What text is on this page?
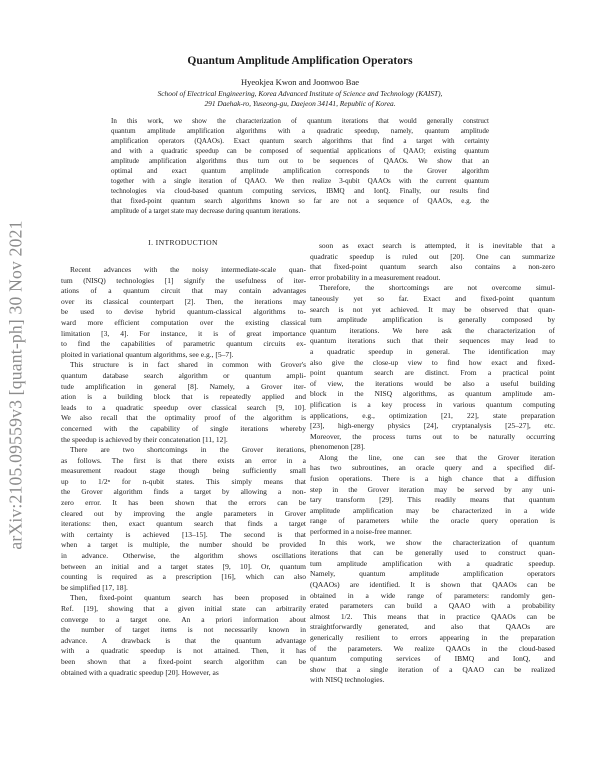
arXiv:2105.09559v3 [quant-ph] 30 Nov 2021
Quantum Amplitude Amplification Operators
Hyeokjea Kwon and Joonwoo Bae
School of Electrical Engineering, Korea Advanced Institute of Science and Technology (KAIST),
291 Daehak-ro, Yuseong-gu, Daejeon 34141, Republic of Korea.
In this work, we show the characterization of quantum iterations that would generally construct
quantum amplitude amplification algorithms with a quadratic speedup, namely, quantum amplitude
amplification operators (QAAOs). Exact quantum search algorithms that find a target with certainty
and with a quadratic speedup can be composed of sequential applications of QAAO; existing quantum
amplitude amplification algorithms thus turn out to be sequences of QAAOs. We show that an
optimal and exact quantum amplitude amplification corresponds to the Grover algorithm
together with a single iteration of QAAO. We then realize 3-qubit QAAOs with the current quantum
technologies via cloud-based quantum computing services, IBMQ and IonQ. Finally, our results find
that fixed-point quantum search algorithms known so far are not a sequence of QAAOs, e.g. the
amplitude of a target state may decrease during quantum iterations.
I. INTRODUCTION
Recent advances with the noisy intermediate-scale quan-
tum (NISQ) technologies [1] signify the usefulness of iter-
ations of a quantum circuit that may contain advantages
over its classical counterpart [2]. Then, the iterations may
be used to devise hybrid quantum-classical algorithms to-
ward more efficient computation over the existing classical
limitation [3, 4]. For instance, it is of great importance
to find the capabilities of parametric quantum circuits ex-
ploited in variational quantum algorithms, see e.g., [5–7].
This structure is in fact shared in common with Grover's
quantum database search algorithm or quantum ampli-
tude amplification in general [8]. Namely, a Grover iter-
ation is a building block that is repeatedly applied and
leads to a quadratic speedup over classical search [9, 10].
We also recall that the optimality proof of the algorithm is
concerned with the capability of single iterations whereby
the speedup is achieved by their concatenation [11, 12].
There are two shortcomings in the Grover iterations,
as follows. The first is that there exists an error in a
measurement readout stage though being sufficiently small
up to 1/2ⁿ for n-qubit states. This simply means that
the Grover algorithm finds a target by allowing a non-
zero error. It has been shown that the errors can be
cleared out by improving the angle parameters in Grover
iterations: then, exact quantum search that finds a target
with certainty is achieved [13–15]. The second is that
when a target is multiple, the number should be provided
in advance. Otherwise, the algorithm shows oscillations
between an initial and a target states [9, 10]. Or, quantum
counting is required as a prescription [16], which can also
be simplified [17, 18].
Then, fixed-point quantum search has been proposed in
Ref. [19], showing that a given initial state can arbitrarily
converge to a target one. An a priori information about
the number of target items is not necessarily known in
advance. A drawback is that the quantum advantage
with a quadratic speedup is not attained. Then, it has
been shown that a fixed-point search algorithm can be
obtained with a quadratic speedup [20]. However, as
soon as exact search is attempted, it is inevitable that a
quadratic speedup is ruled out [20]. One can summarize
that fixed-point quantum search also contains a non-zero
error probability in a measurement readout.
Therefore, the shortcomings are not overcome simul-
taneously yet so far. Exact and fixed-point quantum
search is not yet achieved. It may be observed that quan-
tum amplitude amplification is generally composed by
quantum iterations. We here ask the characterization of
quantum iterations such that their sequences may lead to
a quadratic speedup in general. The identification may
also give the close-up view to find how exact and fixed-
point quantum search are distinct. From a practical point
of view, the iterations would be also a useful building
block in the NISQ algorithms, as quantum amplitude am-
plification is a key process in various quantum computing
applications, e.g., optimization [21, 22], state preparation
[23], high-energy physics [24], cryptanalysis [25–27], etc.
Moreover, the process turns out to be naturally occurring
phenomenon [28].
Along the line, one can see that the Grover iteration
has two subroutines, an oracle query and a specified dif-
fusion operations. There is a high chance that a diffusion
step in the Grover iteration may be served by any uni-
tary transform [29]. This readily means that quantum
amplitude amplification may be characterized in a wide
range of parameters while the oracle query operation is
performed in a noise-free manner.
In this work, we show the characterization of quantum
iterations that can be generally used to construct quan-
tum amplitude amplification with a quadratic speedup.
Namely, quantum amplitude amplification operators
(QAAOs) are identified. It is shown that QAAOs can be
obtained in a wide range of parameters: randomly gen-
erated parameters can build a QAAO with a probability
almost 1/2. This means that in practice QAAOs can be
straightforwardly generated, and also that QAAOs are
generically resilient to errors appearing in the preparation
of the parameters. We realize QAAOs in the cloud-based
quantum computing services of IBMQ and IonQ, and
show that a single iteration of a QAAO can be realized
with NISQ technologies.
